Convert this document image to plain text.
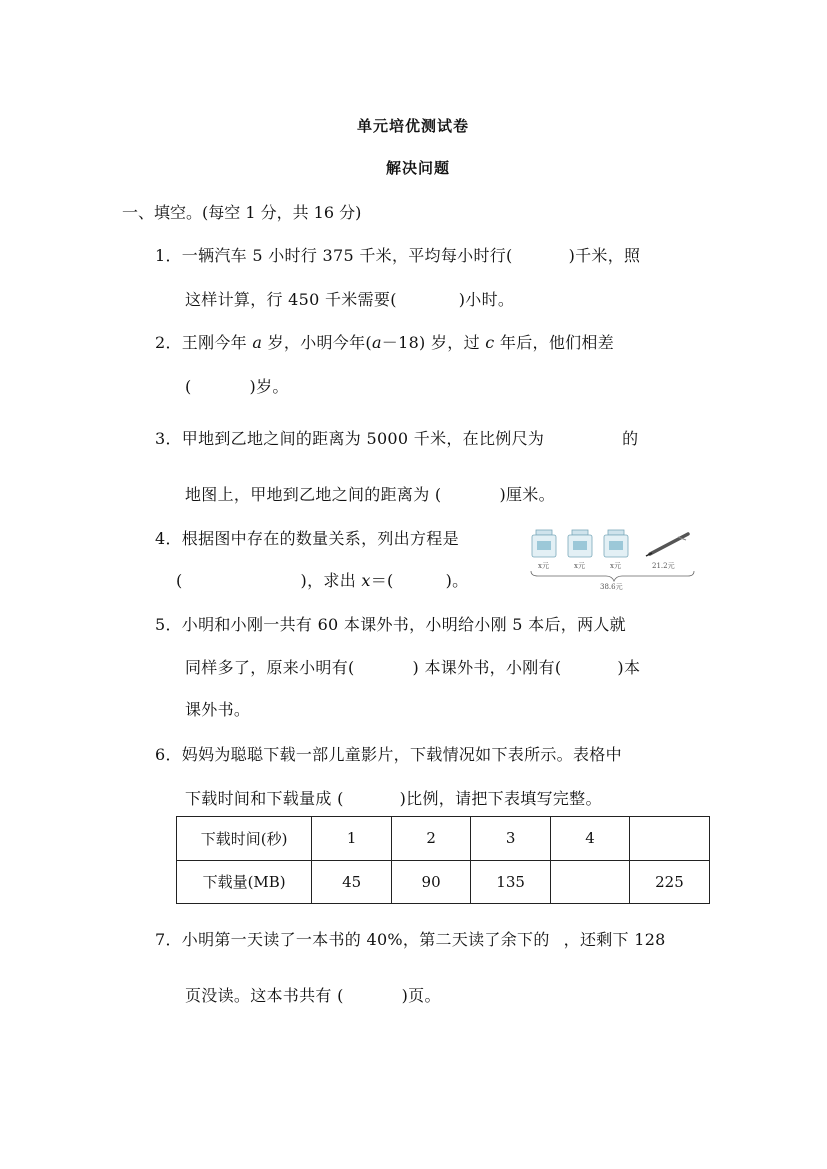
单元培优测试卷
解决问题
一、填空。(每空 1 分，共 16 分)
1．一辆汽车 5 小时行 375 千米，平均每小时行(	)千米，照
这样计算，行 450 千米需要(	)小时。
2．王刚今年 a 岁，小明今年(a－18) 岁，过 c 年后，他们相差
(	)岁。
3．甲地到乙地之间的距离为 5000 千米，在比例尺为	的
地图上，甲地到乙地之间的距离为 (	)厘米。
4．根据图中存在的数量关系，列出方程是
(	)，求出 x＝(	)。
x元	x元	x元	21.2元
38.6元
5．小明和小刚一共有 60 本课外书，小明给小刚 5 本后，两人就
同样多了，原来小明有(	) 本课外书，小刚有(	)本
课外书。
6．妈妈为聪聪下载一部儿童影片，下载情况如下表所示。表格中
下载时间和下载量成 (	)比例，请把下表填写完整。
下载时间(秒)	1	2	3	4	
下载量(MB)	45	90	135		225
7．小明第一天读了一本书的 40%，第二天读了余下的 ，还剩下 128
页没读。这本书共有 (	)页。
